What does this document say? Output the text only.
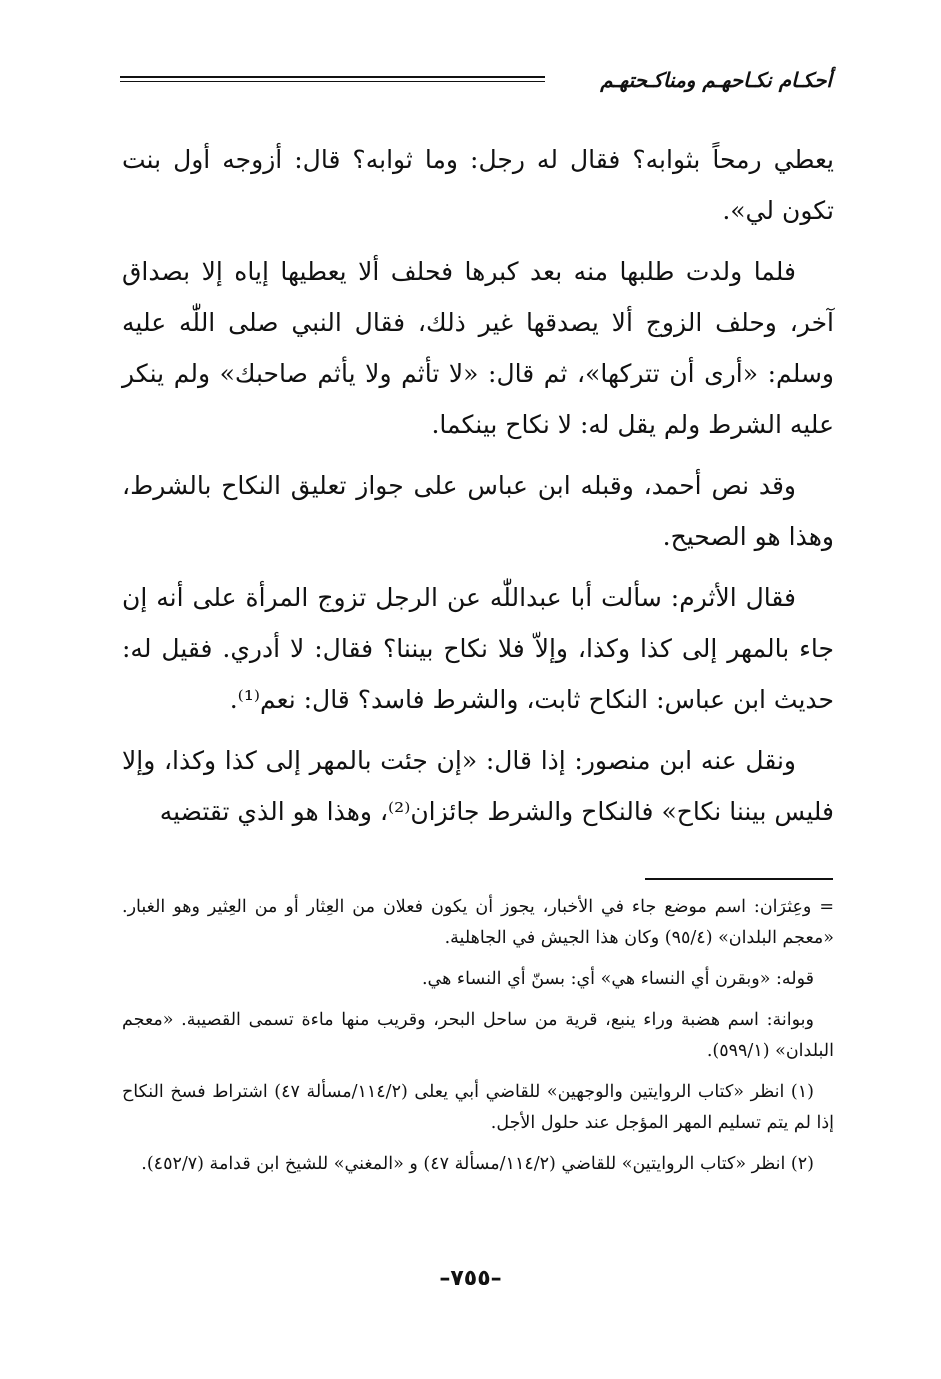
أحكـام نكـاحهـم ومناكـحتهـم

يعطي رمحاً بثوابه؟ فقال له رجل: وما ثوابه؟ قال: أزوجه أول بنت تكون لي».

فلما ولدت طلبها منه بعد كبرها فحلف ألا يعطيها إياه إلا بصداق آخر، وحلف الزوج ألا يصدقها غير ذلك، فقال النبي صلى اللّٰه عليه وسلم: «أرى أن تتركها»، ثم قال: «لا تأثم ولا يأثم صاحبك» ولم ينكر عليه الشرط ولم يقل له: لا نكاح بينكما.

وقد نص أحمد، وقبله ابن عباس على جواز تعليق النكاح بالشرط، وهذا هو الصحيح.

فقال الأثرم: سألت أبا عبداللّٰه عن الرجل تزوج المرأة على أنه إن جاء بالمهر إلى كذا وكذا، وإلاّ فلا نكاح بيننا؟ فقال: لا أدري. فقيل له: حديث ابن عباس: النكاح ثابت، والشرط فاسد؟ قال: نعم⁽¹⁾.

ونقل عنه ابن منصور: إذا قال: «إن جئت بالمهر إلى كذا وكذا، وإلا فليس بيننا نكاح» فالنكاح والشرط جائزان⁽²⁾، وهذا هو الذي تقتضيه

= وعِثرَان: اسم موضع جاء في الأخبار، يجوز أن يكون فعلان من العِثار أو من العِثير وهو الغبار. «معجم البلدان» (٩٥/٤) وكان هذا الجيش في الجاهلية.

قوله: «وبقرن أي النساء هي» أي: بسنّ أي النساء هي.

وبوانة: اسم هضبة وراء ينبع، قرية من ساحل البحر، وقريب منها ماءة تسمى القصيبة. «معجم البلدان» (٥٩٩/١).

(١) انظر «كتاب الروايتين والوجهين» للقاضي أبي يعلى (١١٤/٢/مسألة ٤٧) اشتراط فسخ النكاح إذا لم يتم تسليم المهر المؤجل عند حلول الأجل.

(٢) انظر «كتاب الروايتين» للقاضي (١١٤/٢/مسألة ٤٧) و «المغني» للشيخ ابن قدامة (٤٥٢/٧).

–٧٥٥–
